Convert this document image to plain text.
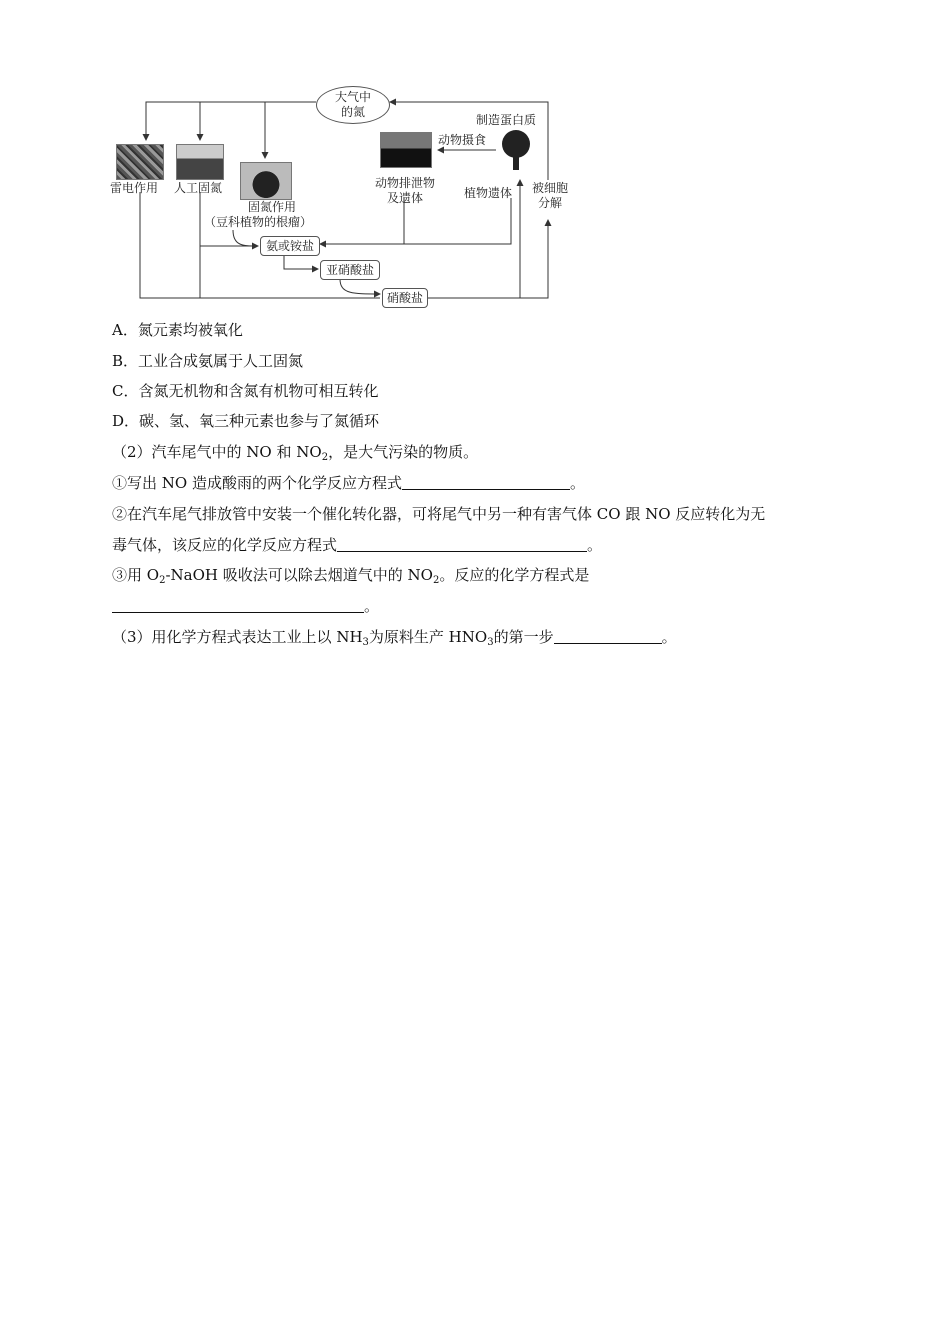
大气中
的氮
雷电作用 人工固氮
固氮作用
（豆科植物的根瘤）
动物排泄物
及遗体
动物摄食
制造蛋白质
植物遗体	被细胞
分解
氨或铵盐
亚硝酸盐
硝酸盐
A．氮元素均被氧化
B．工业合成氨属于人工固氮
C．含氮无机物和含氮有机物可相互转化
D．碳、氢、氧三种元素也参与了氮循环
（2）汽车尾气中的 NO 和 $NO_2$，是大气污染的物质。
①写出 NO 造成酸雨的两个化学反应方程式	。
②在汽车尾气排放管中安装一个催化转化器，可将尾气中另一种有害气体 CO 跟 NO 反应转化为无
毒气体，该反应的化学反应方程式	。
③用 $O_2$-NaOH 吸收法可以除去烟道气中的 $NO_2$。反应的化学方程式是
。
（3）用化学方程式表达工业上以 $NH_3$为原料生产 $HNO_3$的第一步	。
